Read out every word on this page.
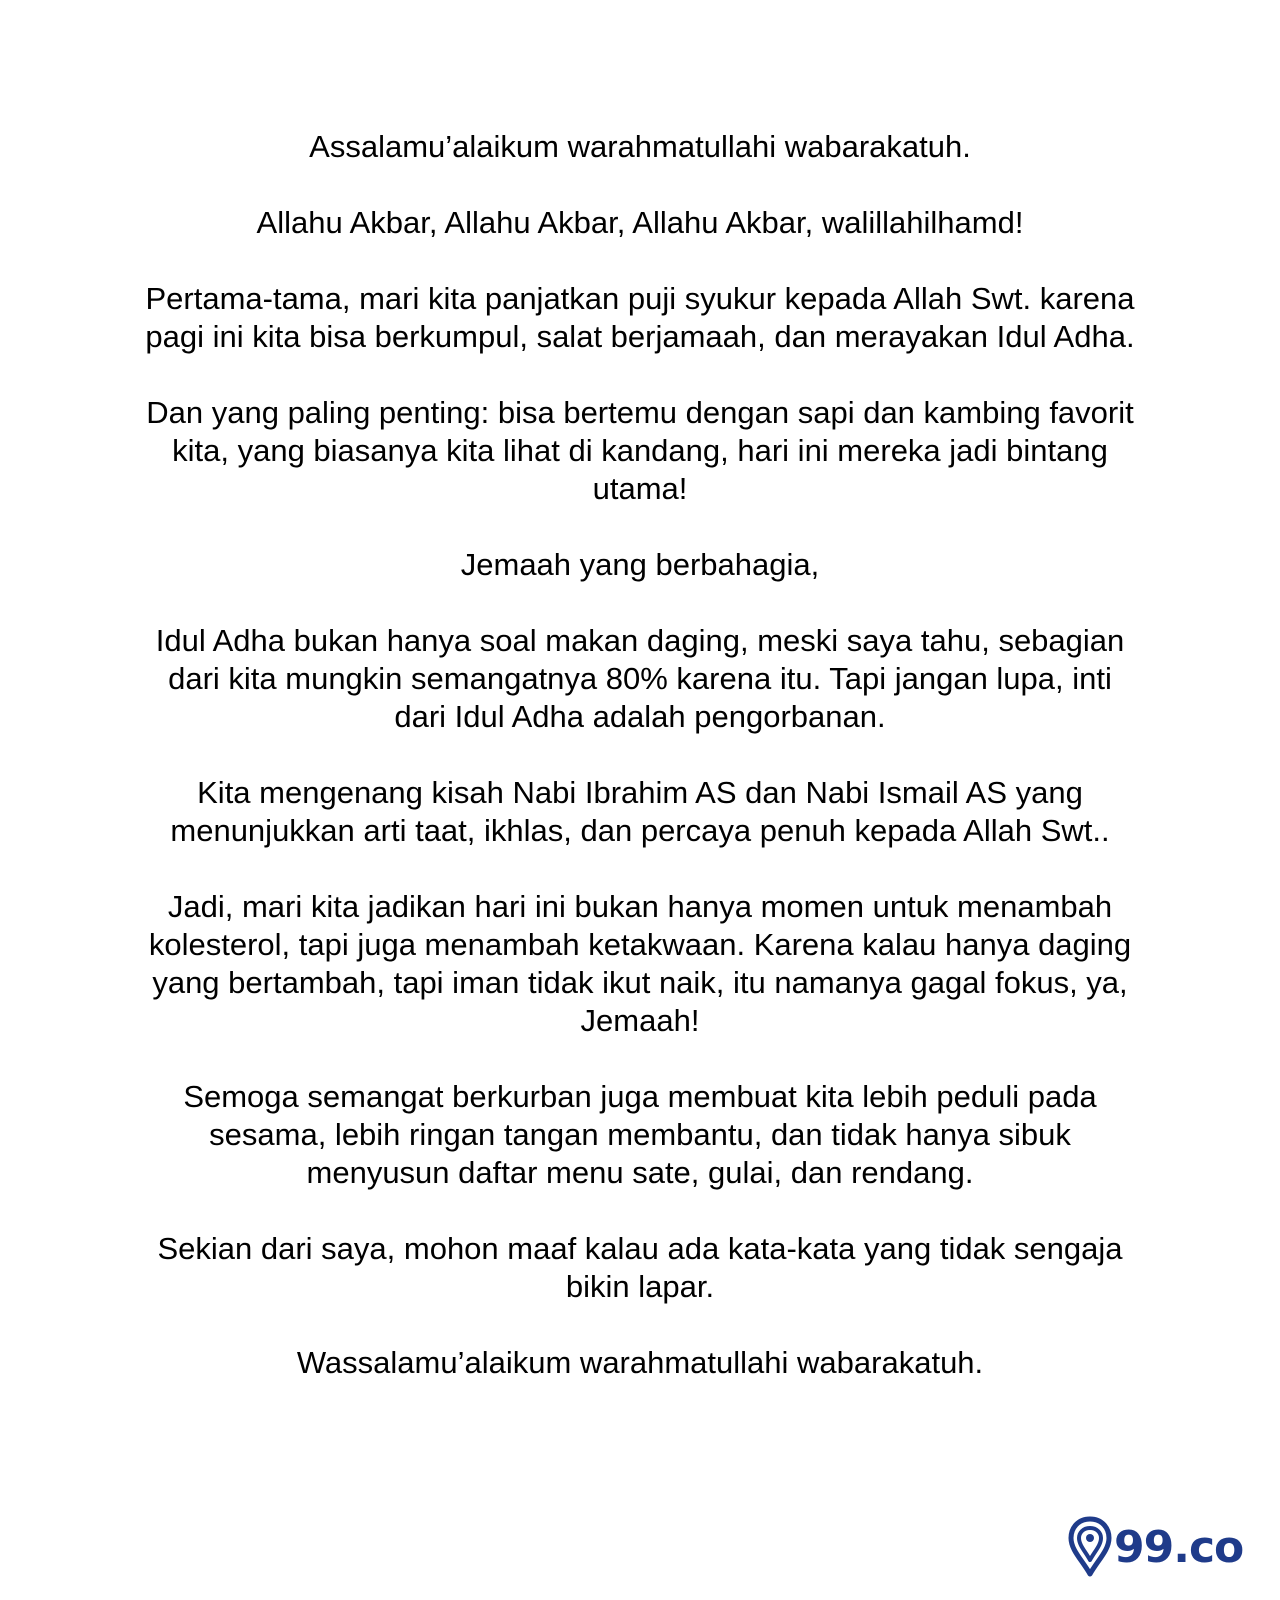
Assalamu’alaikum warahmatullahi wabarakatuh.

Allahu Akbar, Allahu Akbar, Allahu Akbar, walillahilhamd!

Pertama-tama, mari kita panjatkan puji syukur kepada Allah Swt. karena pagi ini kita bisa berkumpul, salat berjamaah, dan merayakan Idul Adha.

Dan yang paling penting: bisa bertemu dengan sapi dan kambing favorit kita, yang biasanya kita lihat di kandang, hari ini mereka jadi bintang utama!

Jemaah yang berbahagia,

Idul Adha bukan hanya soal makan daging, meski saya tahu, sebagian dari kita mungkin semangatnya 80% karena itu. Tapi jangan lupa, inti dari Idul Adha adalah pengorbanan.

Kita mengenang kisah Nabi Ibrahim AS dan Nabi Ismail AS yang menunjukkan arti taat, ikhlas, dan percaya penuh kepada Allah Swt..

Jadi, mari kita jadikan hari ini bukan hanya momen untuk menambah kolesterol, tapi juga menambah ketakwaan. Karena kalau hanya daging yang bertambah, tapi iman tidak ikut naik, itu namanya gagal fokus, ya, Jemaah!

Semoga semangat berkurban juga membuat kita lebih peduli pada sesama, lebih ringan tangan membantu, dan tidak hanya sibuk menyusun daftar menu sate, gulai, dan rendang.

Sekian dari saya, mohon maaf kalau ada kata-kata yang tidak sengaja bikin lapar.

Wassalamu’alaikum warahmatullahi wabarakatuh.

99.co
